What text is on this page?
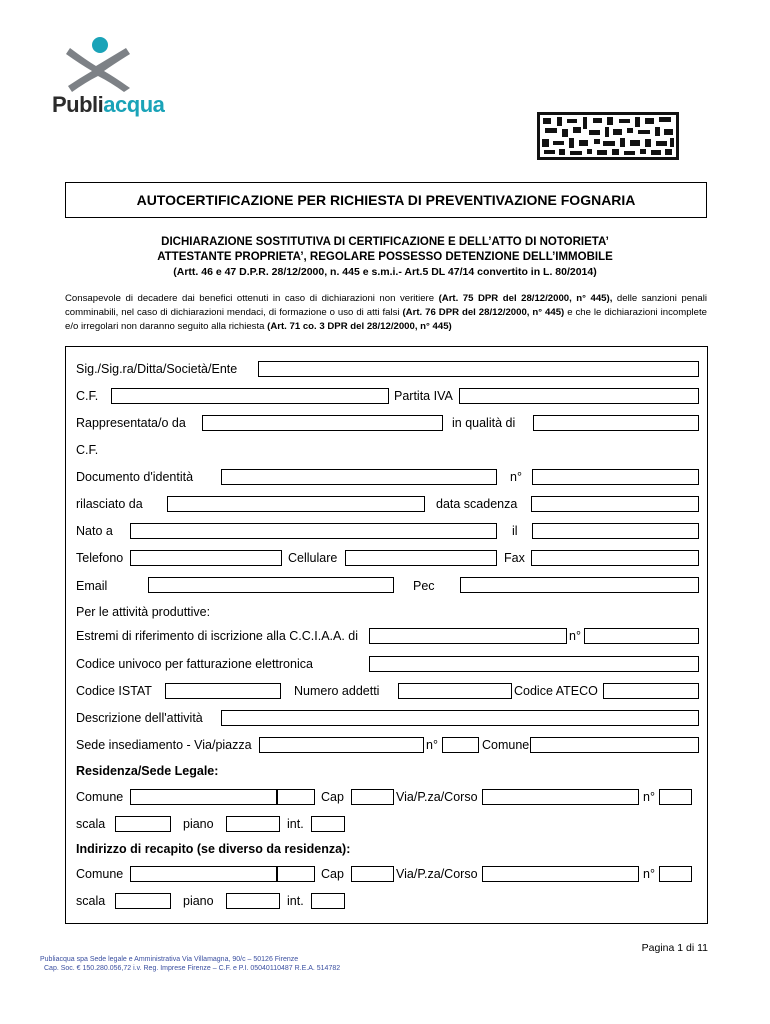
Publiacqua
AUTOCERTIFICAZIONE PER RICHIESTA DI PREVENTIVAZIONE FOGNARIA
DICHIARAZIONE SOSTITUTIVA DI CERTIFICAZIONE E DELL’ATTO DI NOTORIETA’
ATTESTANTE PROPRIETA’, REGOLARE POSSESSO DETENZIONE DELL’IMMOBILE
(Artt. 46 e 47 D.P.R. 28/12/2000, n. 445 e s.m.i.- Art.5 DL 47/14 convertito in L. 80/2014)
Consapevole di decadere dai benefici ottenuti in caso di dichiarazioni non veritiere (Art. 75 DPR del 28/12/2000, n° 445), delle sanzioni penali comminabili, nel caso di dichiarazioni mendaci, di formazione o uso di atti falsi (Art. 76 DPR del 28/12/2000, n° 445) e che le dichiarazioni incomplete e/o irregolari non daranno seguito alla richiesta (Art. 71 co. 3 DPR del 28/12/2000, n° 445)
Sig./Sig.ra/Ditta/Società/Ente
C.F.	Partita IVA
Rappresentata/o da	in qualità di
C.F.
Documento d'identità	n°
rilasciato da	data scadenza
Nato a	il
Telefono	Cellulare	Fax
Email	Pec
Per le attività produttive:
Estremi di riferimento di iscrizione alla C.C.I.A.A. di	n°
Codice univoco per fatturazione elettronica
Codice ISTAT	Numero addetti	Codice ATECO
Descrizione dell'attività
Sede insediamento - Via/piazza	n°	Comune
Residenza/Sede Legale:
Comune	Cap	Via/P.za/Corso	n°
scala	piano	int.
Indirizzo di recapito (se diverso da residenza):
Comune	Cap	Via/P.za/Corso	n°
scala	piano	int.
Pagina 1 di 11
Publiacqua spa Sede legale e Amministrativa Via Villamagna, 90/c – 50126 Firenze
Cap. Soc. € 150.280.056,72 i.v. Reg. Imprese Firenze – C.F. e P.I. 05040110487 R.E.A. 514782
